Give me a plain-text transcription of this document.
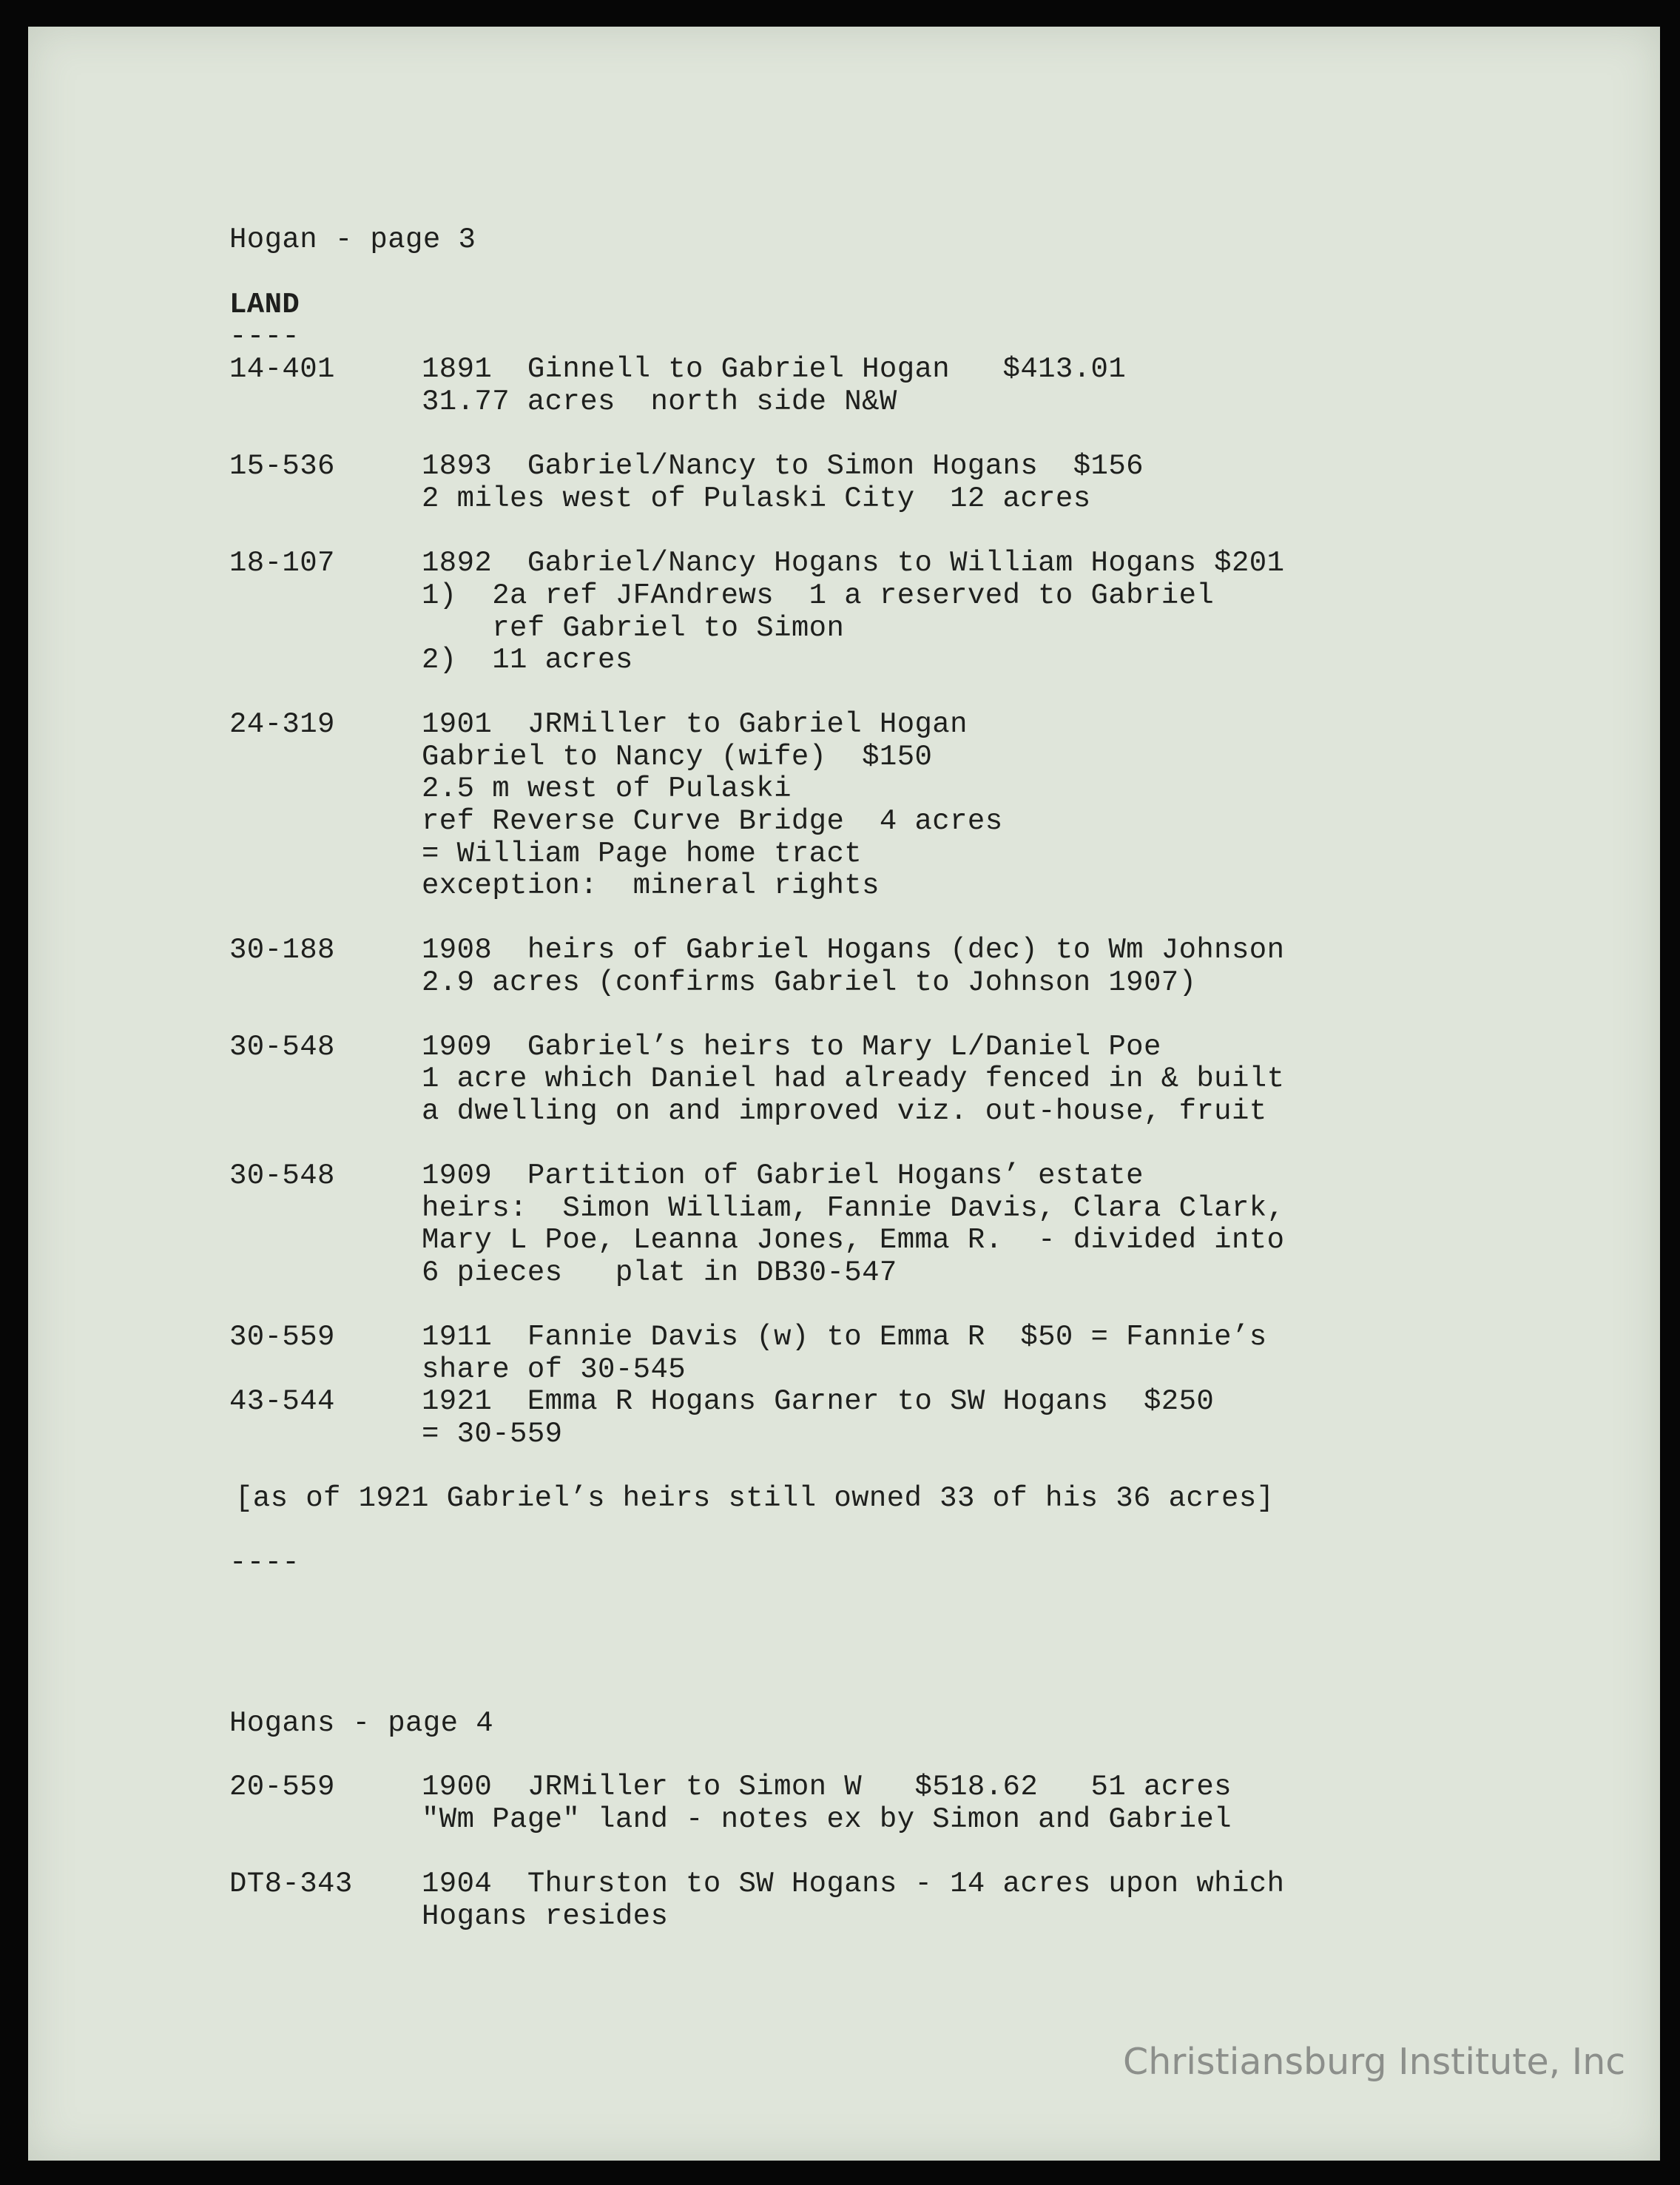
Hogan - page 3
LAND
----
14-401	1891  Ginnell to Gabriel Hogan   $413.01
31.77 acres  north side N&W
15-536	1893  Gabriel/Nancy to Simon Hogans  $156
2 miles west of Pulaski City  12 acres
18-107	1892  Gabriel/Nancy Hogans to William Hogans $201
1)  2a ref JFAndrews  1 a reserved to Gabriel
ref Gabriel to Simon
2)  11 acres
24-319	1901  JRMiller to Gabriel Hogan
Gabriel to Nancy (wife)  $150
2.5 m west of Pulaski
ref Reverse Curve Bridge  4 acres
= William Page home tract
exception:  mineral rights
30-188	1908  heirs of Gabriel Hogans (dec) to Wm Johnson
2.9 acres (confirms Gabriel to Johnson 1907)
30-548	1909  Gabriel’s heirs to Mary L/Daniel Poe
1 acre which Daniel had already fenced in & built
a dwelling on and improved viz. out-house, fruit
30-548	1909  Partition of Gabriel Hogans’ estate
heirs:  Simon William, Fannie Davis, Clara Clark,
Mary L Poe, Leanna Jones, Emma R.  - divided into
6 pieces   plat in DB30-547
30-559	1911  Fannie Davis (w) to Emma R  $50 = Fannie’s
share of 30-545
43-544	1921  Emma R Hogans Garner to SW Hogans  $250
= 30-559
[as of 1921 Gabriel’s heirs still owned 33 of his 36 acres]
----
Hogans - page 4
20-559	1900  JRMiller to Simon W   $518.62   51 acres
"Wm Page" land - notes ex by Simon and Gabriel
DT8-343 1904  Thurston to SW Hogans - 14 acres upon which
Hogans resides
Christiansburg Institute, Inc
